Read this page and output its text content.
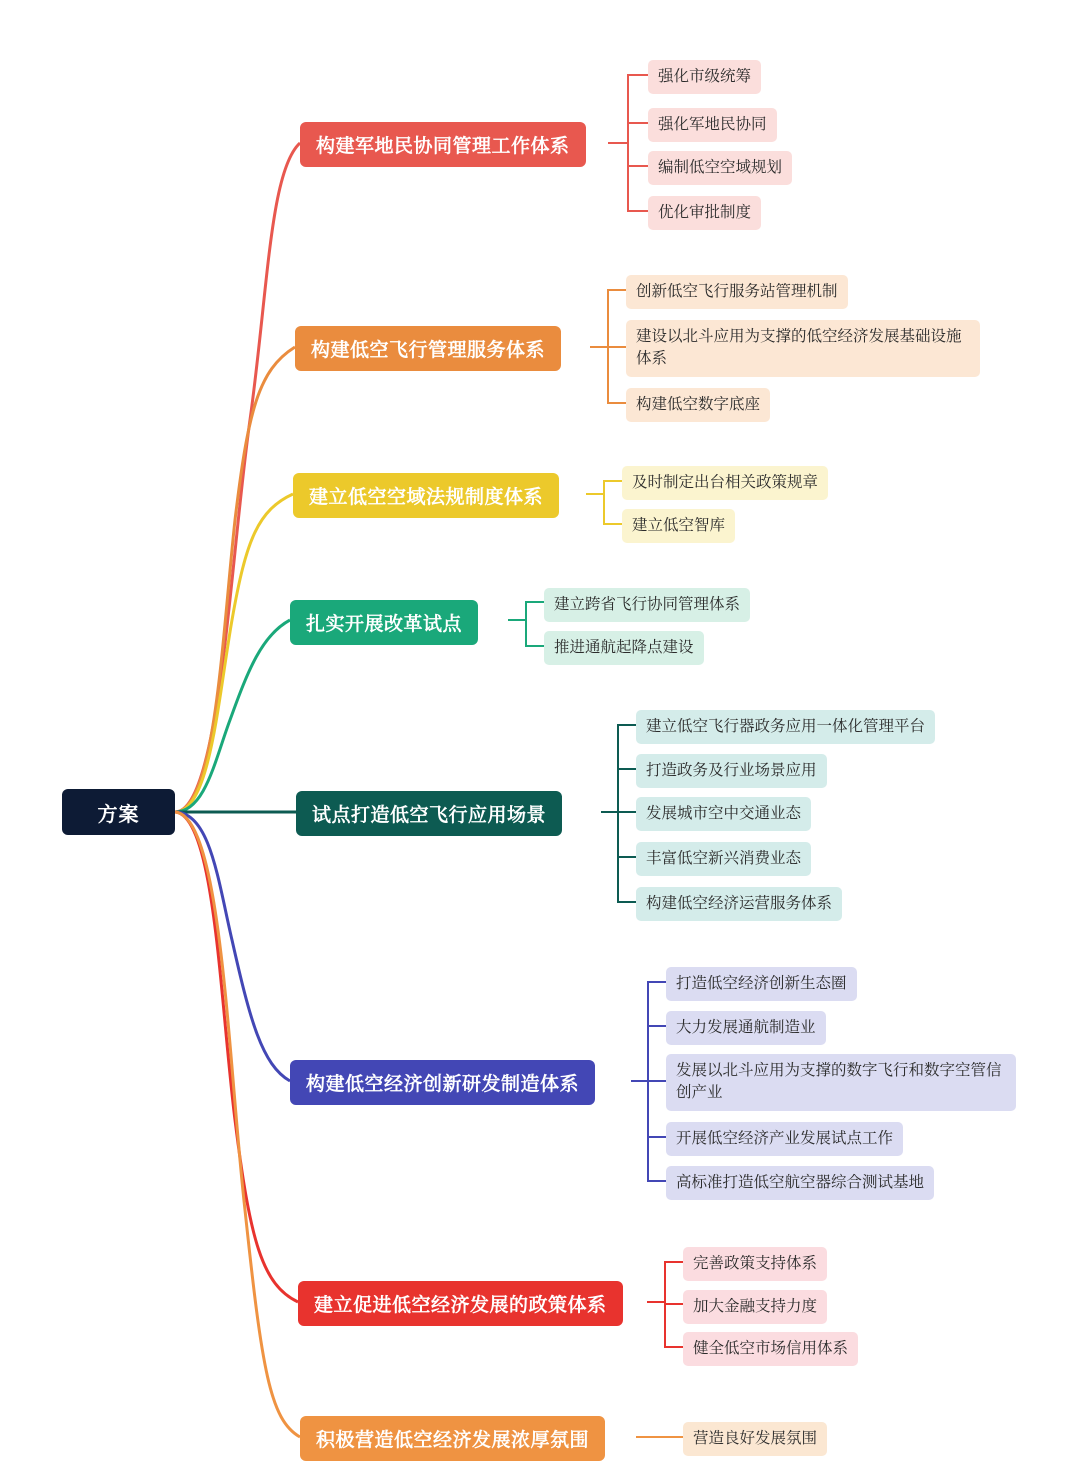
方案
构建军地民协同管理工作体系
强化市级统筹
强化军地民协同
编制低空空域规划
优化审批制度
构建低空飞行管理服务体系
创新低空飞行服务站管理机制
建设以北斗应用为支撑的低空经济发展基础设施体系
构建低空数字底座
建立低空空域法规制度体系
及时制定出台相关政策规章
建立低空智库
扎实开展改革试点
建立跨省飞行协同管理体系
推进通航起降点建设
试点打造低空飞行应用场景
建立低空飞行器政务应用一体化管理平台
打造政务及行业场景应用
发展城市空中交通业态
丰富低空新兴消费业态
构建低空经济运营服务体系
构建低空经济创新研发制造体系
打造低空经济创新生态圈
大力发展通航制造业
发展以北斗应用为支撑的数字飞行和数字空管信创产业
开展低空经济产业发展试点工作
高标准打造低空航空器综合测试基地
建立促进低空经济发展的政策体系
完善政策支持体系
加大金融支持力度
健全低空市场信用体系
积极营造低空经济发展浓厚氛围	营造良好发展氛围
